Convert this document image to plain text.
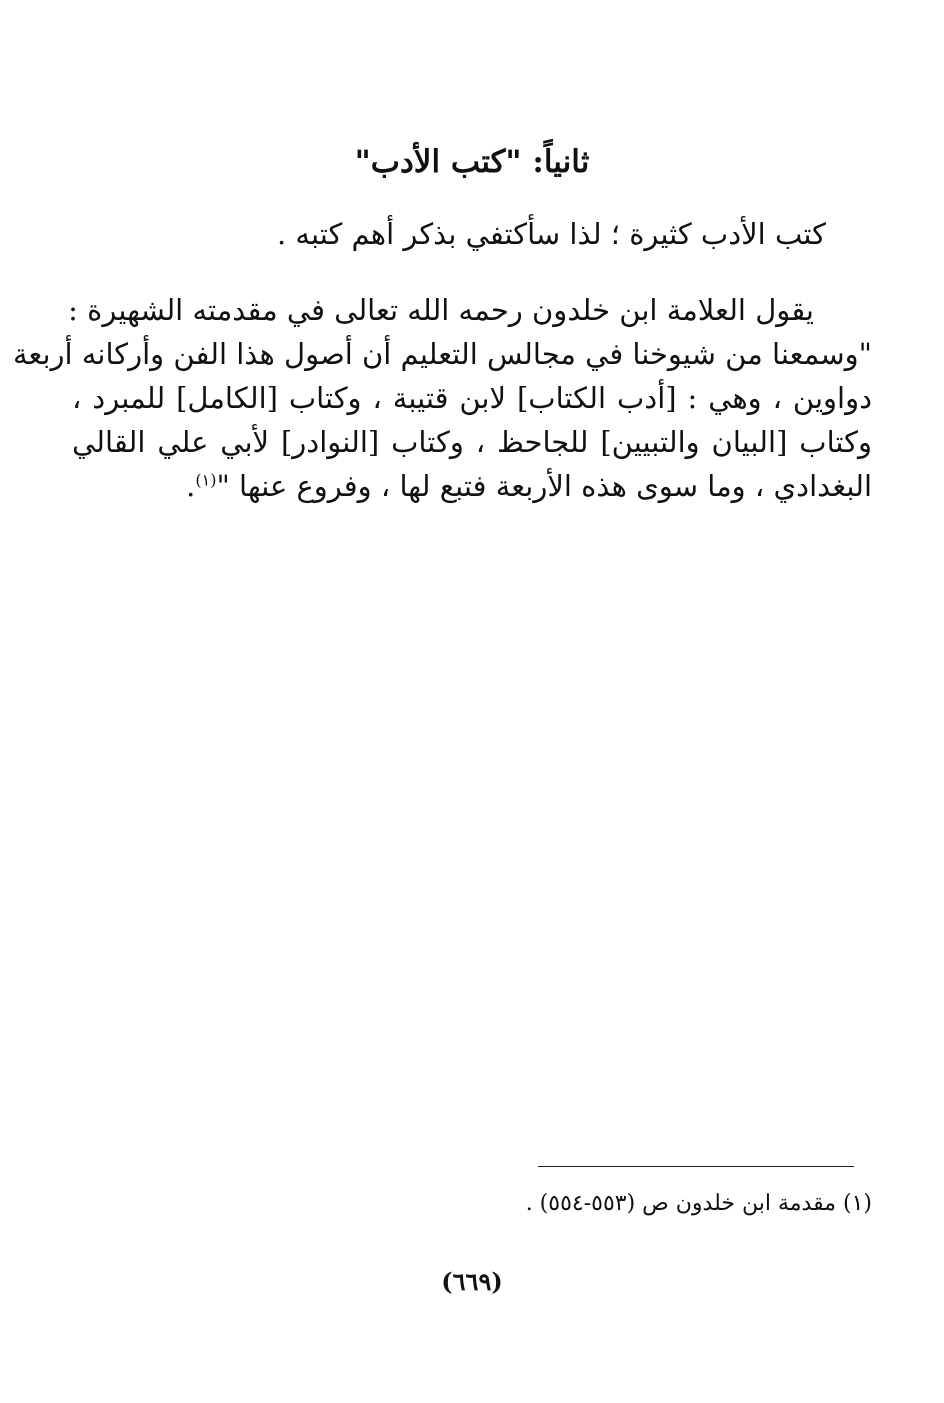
ثانياً: "كتب الأدب"
كتب الأدب كثيرة ؛ لذا سأكتفي بذكر أهم كتبه .
يقول العلامة ابن خلدون رحمه الله تعالى في مقدمته الشهيرة :
"وسمعنا من شيوخنا في مجالس التعليم أن أصول هذا الفن وأركانه أربعة
دواوين ، وهي : [أدب الكتاب] لابن قتيبة ، وكتاب [الكامل] للمبرد ،
وكتاب [البيان والتبيين] للجاحظ ، وكتاب [النوادر] لأبي علي القالي
البغدادي ، وما سوى هذه الأربعة فتبع لها ، وفروع عنها "$^{(١)}$.
(١) مقدمة ابن خلدون ص (٥٥٣-٥٥٤) .
(٦٦٩)
